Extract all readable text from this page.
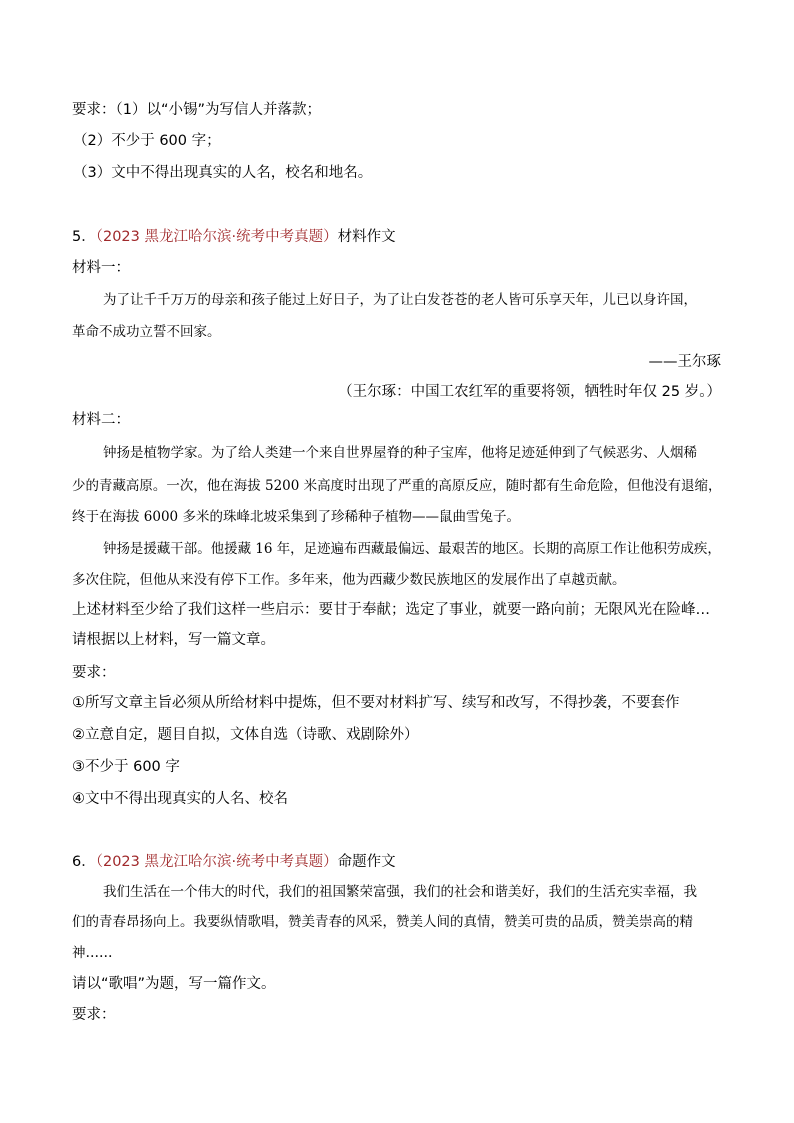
要求：（1）以“小锡”为写信人并落款；
（2）不少于 600 字；
（3）文中不得出现真实的人名，校名和地名。
5．（2023 黑龙江哈尔滨·统考中考真题）材料作文
材料一：
为了让千千万万的母亲和孩子能过上好日子，为了让白发苍苍的老人皆可乐享天年，儿已以身许国，
革命不成功立誓不回家。
——王尔琢
（王尔琢：中国工农红军的重要将领，牺牲时年仅 25 岁。）
材料二：
钟扬是植物学家。为了给人类建一个来自世界屋脊的种子宝库，他将足迹延伸到了气候恶劣、人烟稀
少的青藏高原。一次，他在海拔 5200 米高度时出现了严重的高原反应，随时都有生命危险，但他没有退缩，
终于在海拔 6000 多米的珠峰北坡采集到了珍稀种子植物——鼠曲雪兔子。
钟扬是援藏干部。他援藏 16 年，足迹遍布西藏最偏远、最艰苦的地区。长期的高原工作让他积劳成疾，
多次住院，但他从来没有停下工作。多年来，他为西藏少数民族地区的发展作出了卓越贡献。
上述材料至少给了我们这样一些启示：要甘于奉献；选定了事业，就要一路向前；无限风光在险峰…
请根据以上材料，写一篇文章。
要求：
①所写文章主旨必须从所给材料中提炼，但不要对材料扩写、续写和改写，不得抄袭，不要套作
②立意自定，题目自拟，文体自选（诗歌、戏剧除外）
③不少于 600 字
④文中不得出现真实的人名、校名
6．（2023 黑龙江哈尔滨·统考中考真题）命题作文
我们生活在一个伟大的时代，我们的祖国繁荣富强，我们的社会和谐美好，我们的生活充实幸福，我
们的青春昂扬向上。我要纵情歌唱，赞美青春的风采，赞美人间的真情，赞美可贵的品质，赞美崇高的精
神……
请以“歌唱”为题，写一篇作文。
要求：
